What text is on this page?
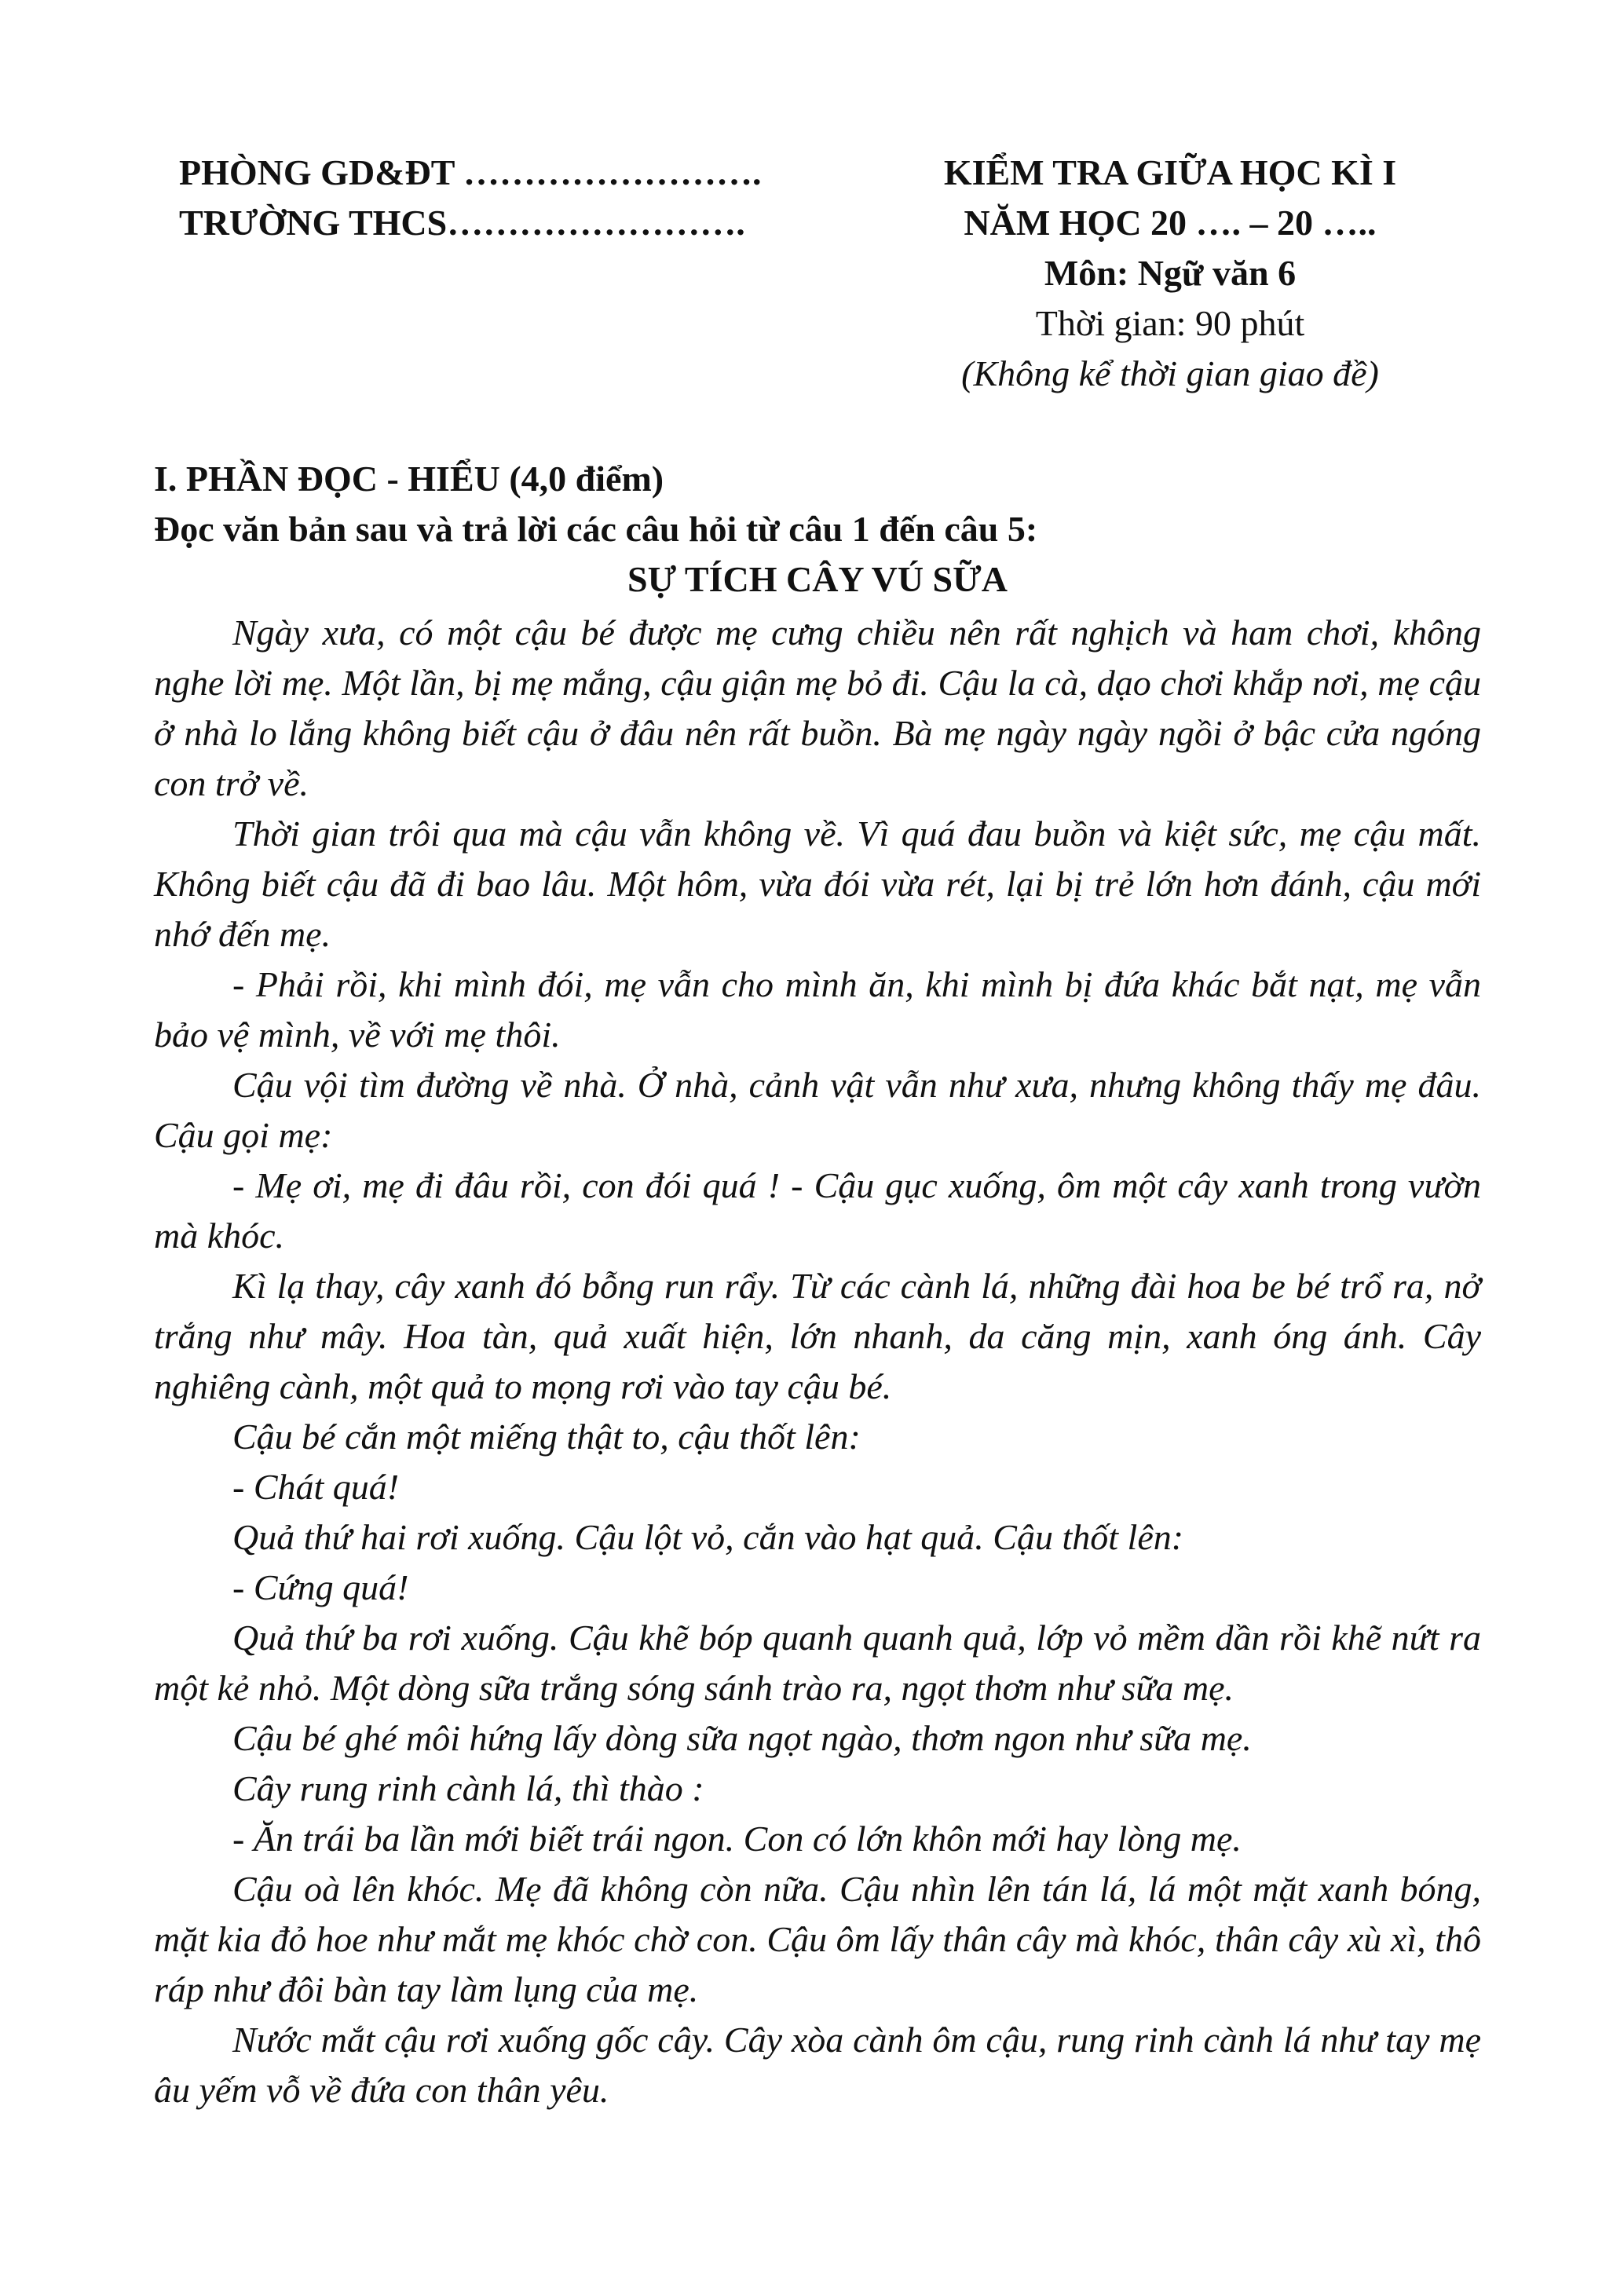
PHÒNG GD&ĐT …………………….
TRƯỜNG THCS…………………….
KIỂM TRA GIỮA HỌC KÌ I
NĂM HỌC 20 …. – 20 …..
Môn: Ngữ văn 6
Thời gian: 90 phút
(Không kể thời gian giao đề)
I. PHẦN ĐỌC - HIỂU (4,0 điểm)
Đọc văn bản sau và trả lời các câu hỏi từ câu 1 đến câu 5:
SỰ TÍCH CÂY VÚ SỮA

Ngày xưa, có một cậu bé được mẹ cưng chiều nên rất nghịch và ham chơi, không nghe lời mẹ. Một lần, bị mẹ mắng, cậu giận mẹ bỏ đi. Cậu la cà, dạo chơi khắp nơi, mẹ cậu ở nhà lo lắng không biết cậu ở đâu nên rất buồn. Bà mẹ ngày ngày ngồi ở bậc cửa ngóng con trở về.

Thời gian trôi qua mà cậu vẫn không về. Vì quá đau buồn và kiệt sức, mẹ cậu mất. Không biết cậu đã đi bao lâu. Một hôm, vừa đói vừa rét, lại bị trẻ lớn hơn đánh, cậu mới nhớ đến mẹ.

- Phải rồi, khi mình đói, mẹ vẫn cho mình ăn, khi mình bị đứa khác bắt nạt, mẹ vẫn bảo vệ mình, về với mẹ thôi.

Cậu vội tìm đường về nhà. Ở nhà, cảnh vật vẫn như xưa, nhưng không thấy mẹ đâu. Cậu gọi mẹ:

- Mẹ ơi, mẹ đi đâu rồi, con đói quá ! - Cậu gục xuống, ôm một cây xanh trong vườn mà khóc.

Kì lạ thay, cây xanh đó bỗng run rẩy. Từ các cành lá, những đài hoa be bé trổ ra, nở trắng như mây. Hoa tàn, quả xuất hiện, lớn nhanh, da căng mịn, xanh óng ánh. Cây nghiêng cành, một quả to mọng rơi vào tay cậu bé.

Cậu bé cắn một miếng thật to, cậu thốt lên:

- Chát quá!

Quả thứ hai rơi xuống. Cậu lột vỏ, cắn vào hạt quả. Cậu thốt lên:

- Cứng quá!

Quả thứ ba rơi xuống. Cậu khẽ bóp quanh quanh quả, lớp vỏ mềm dần rồi khẽ nứt ra một kẻ nhỏ. Một dòng sữa trắng sóng sánh trào ra, ngọt thơm như sữa mẹ.

Cậu bé ghé môi hứng lấy dòng sữa ngọt ngào, thơm ngon như sữa mẹ.

Cây rung rinh cành lá, thì thào :

- Ăn trái ba lần mới biết trái ngon. Con có lớn khôn mới hay lòng mẹ.

Cậu oà lên khóc. Mẹ đã không còn nữa. Cậu nhìn lên tán lá, lá một mặt xanh bóng, mặt kia đỏ hoe như mắt mẹ khóc chờ con. Cậu ôm lấy thân cây mà khóc, thân cây xù xì, thô ráp như đôi bàn tay làm lụng của mẹ.

Nước mắt cậu rơi xuống gốc cây. Cây xòa cành ôm cậu, rung rinh cành lá như tay mẹ âu yếm vỗ về đứa con thân yêu.
